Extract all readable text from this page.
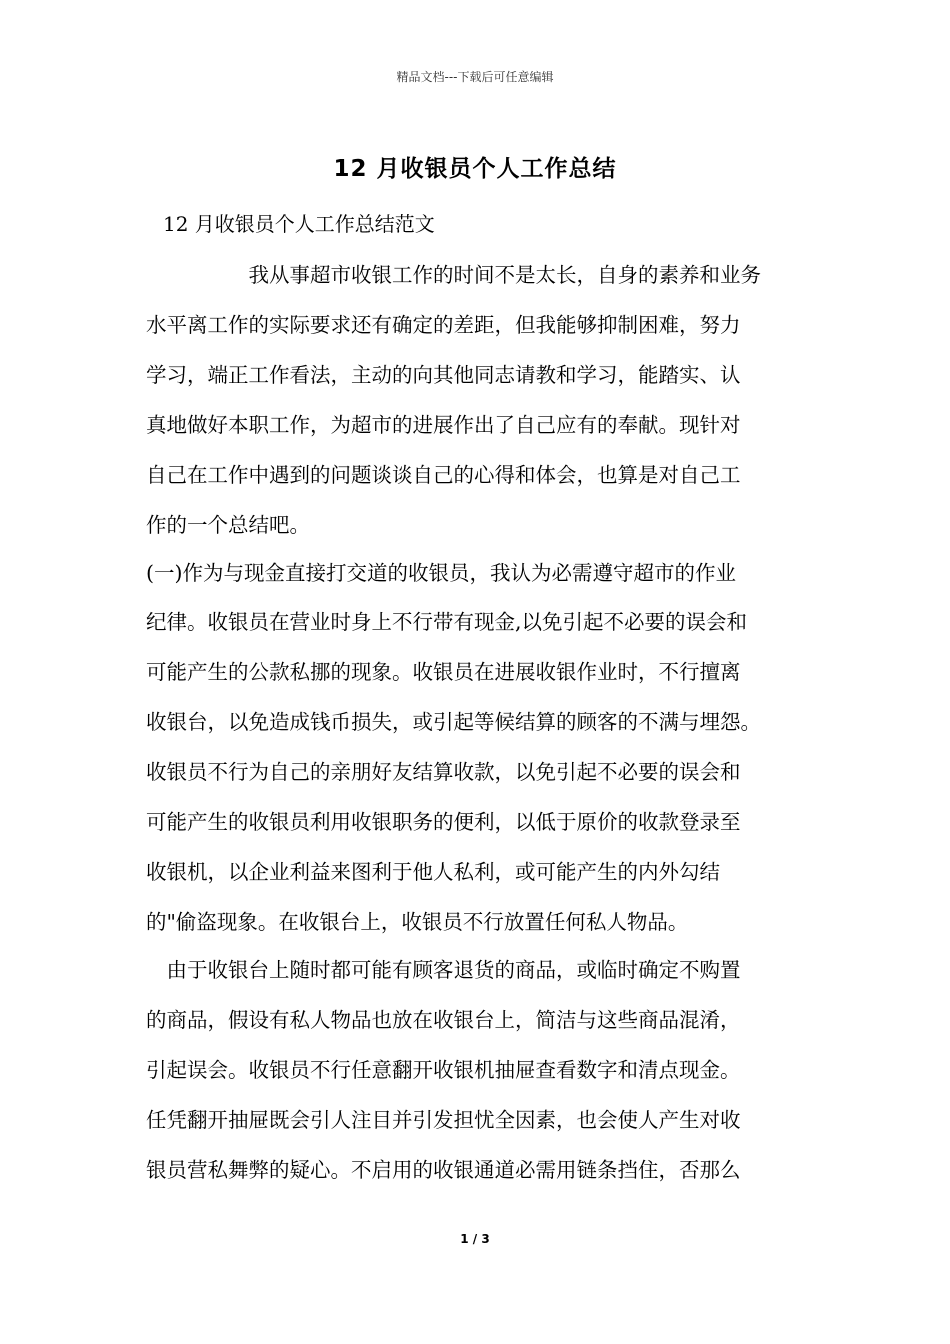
精品文档---下载后可任意编辑
12 月收银员个人工作总结
12 月收银员个人工作总结范文
　　　　　我从事超市收银工作的时间不是太长，自身的素养和业务
水平离工作的实际要求还有确定的差距，但我能够抑制困难，努力
学习，端正工作看法，主动的向其他同志请教和学习，能踏实、认
真地做好本职工作，为超市的进展作出了自己应有的奉献。现针对
自己在工作中遇到的问题谈谈自己的心得和体会，也算是对自己工
作的一个总结吧。
(一)作为与现金直接打交道的收银员，我认为必需遵守超市的作业
纪律。收银员在营业时身上不行带有现金,以免引起不必要的误会和
可能产生的公款私挪的现象。收银员在进展收银作业时，不行擅离
收银台，以免造成钱币损失，或引起等候结算的顾客的不满与埋怨。
收银员不行为自己的亲朋好友结算收款，以免引起不必要的误会和
可能产生的收银员利用收银职务的便利，以低于原价的收款登录至
收银机，以企业利益来图利于他人私利，或可能产生的内外勾结
的"偷盗现象。在收银台上，收银员不行放置任何私人物品。
　由于收银台上随时都可能有顾客退货的商品，或临时确定不购置
的商品，假设有私人物品也放在收银台上，简洁与这些商品混淆，
引起误会。收银员不行任意翻开收银机抽屉查看数字和清点现金。
任凭翻开抽屉既会引人注目并引发担忧全因素，也会使人产生对收
银员营私舞弊的疑心。不启用的收银通道必需用链条挡住，否那么
1 / 3
